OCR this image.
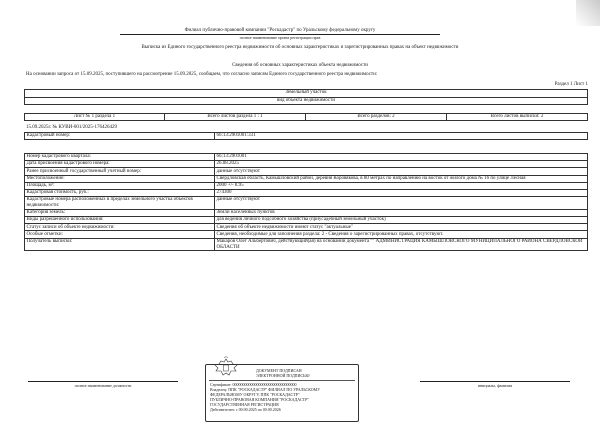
Филиал публично-правовой компании "Роскадастр" по Уральскому федеральному округу
полное наименование органа регистрации прав
Выписка из Единого государственного реестра недвижимости об основных характеристиках и зарегистрированных правах на объект недвижимости
Сведения об основных характеристиках объекта недвижимости
На основании запроса от 15.09.2025, поступившего на рассмотрение 15.09.2025, сообщаем, что согласно записям Единого государственного реестра недвижимости:
Раздел 1 Лист 1
Земельный участок
вид объекта недвижимости
Лист № 1 раздела 1	Всего листов раздела 1 : 1	Всего разделов: 2	Всего листов выписки: 2
15.09.2025г. № КУВИ-001/2025-176426429
Кадастровый номер:	66:13:2901001:331
Номер кадастрового квартала:	66:13:2901001
Дата присвоения кадастрового номера:	26.08.2025
Ранее присвоенный государственный учетный номер:	данные отсутствуют
Местоположение:	Свердловская область, Камышловский район, деревня Коровякова, в 80 метрах по направлению на восток от жилого дома № 16 по улице Лесная
Площадь, м²:	2000 +/- 8.95
Кадастровая стоимость, руб.:	274300
Кадастровые номера расположенных в пределах земельного участка объектов недвижимости:	данные отсутствуют
Категория земель:	Земли населенных пунктов
Виды разрешенного использования:	для ведения личного подсобного хозяйства (приусадебный земельный участок)
Статус записи об объекте недвижимости:	Сведения об объекте недвижимости имеют статус "актуальные"
Особые отметки:	Сведения, необходимые для заполнения раздела: 2 - Сведения о зарегистрированных правах, отсутствуют.
Получатель выписки:	Макаров Олег Альбертович, действующий(ая) на основании документа "" АДМИНИСТРАЦИЯ КАМЫШЛОВСКОГО МУНИЦИПАЛЬНОГО РАЙОНА СВЕРДЛОВСКОЙ ОБЛАСТИ
полное наименование должности	инициалы, фамилия
ДОКУМЕНТ ПОДПИСАН
ЭЛЕКТРОННОЙ ПОДПИСЬЮ
Сертификат: 00000000000000000000000000000000
Владелец: ППК "РОСКАДАСТР" ФИЛИАЛ ПО УРАЛЬСКОМУ
ФЕДЕРАЛЬНОМУ ОКРУГУ, ППК "РОСКАДАСТР"
ПУБЛИЧНО-ПРАВОВАЯ КОМПАНИЯ "РОСКАДАСТР"
ГОСУДАРСТВЕННАЯ РЕГИСТРАЦИЯ
Действителен: с 00.00.2025 по 00.00.2026
